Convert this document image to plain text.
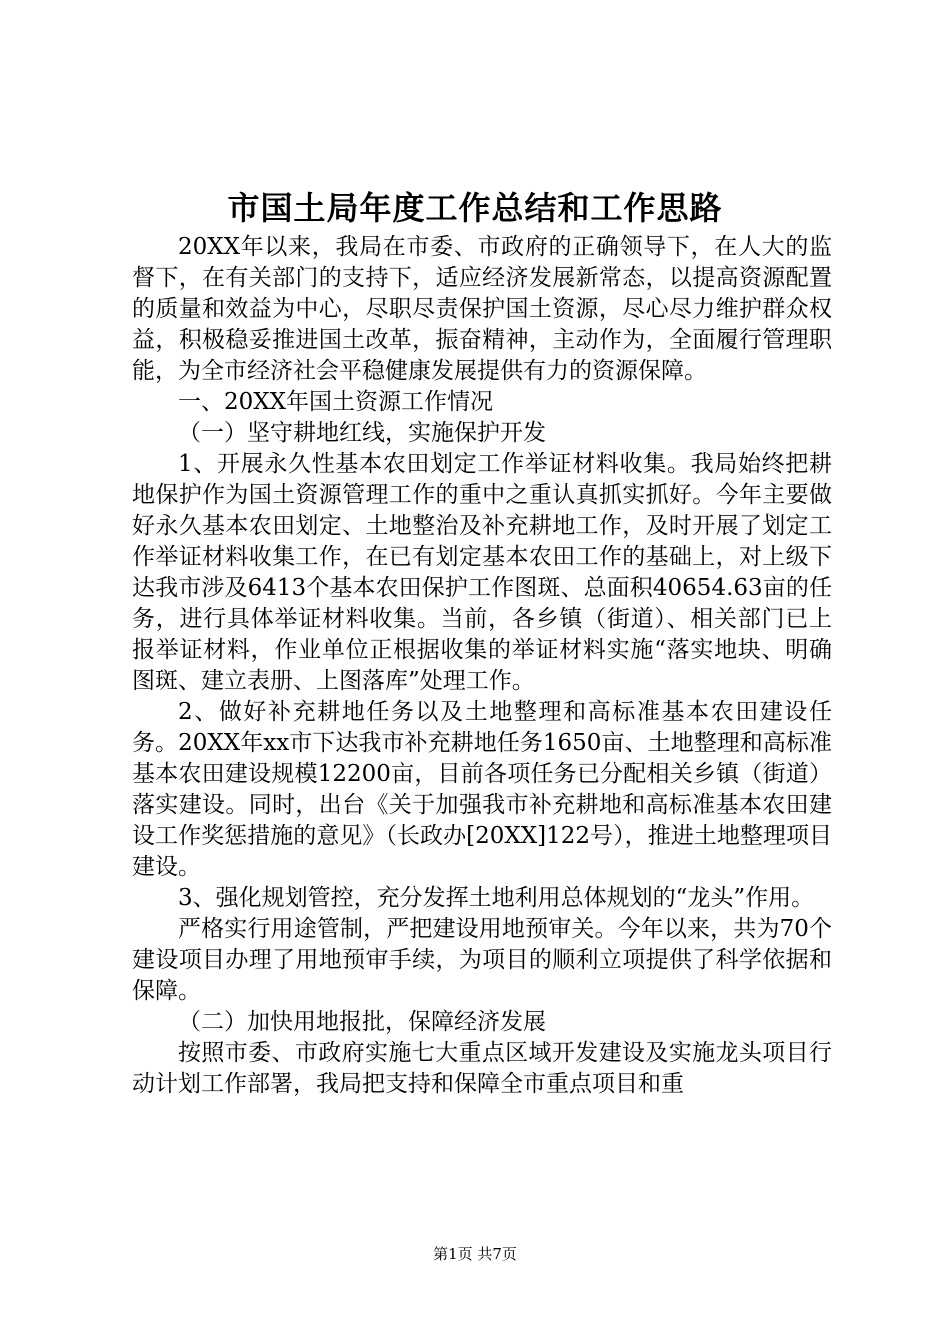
市国土局年度工作总结和工作思路

20XX年以来，我局在市委、市政府的正确领导下，在人大的监督下，在有关部门的支持下，适应经济发展新常态，以提高资源配置的质量和效益为中心，尽职尽责保护国土资源，尽心尽力维护群众权益，积极稳妥推进国土改革，振奋精神，主动作为，全面履行管理职能，为全市经济社会平稳健康发展提供有力的资源保障。

一、20XX年国土资源工作情况

（一）坚守耕地红线，实施保护开发

1、开展永久性基本农田划定工作举证材料收集。我局始终把耕地保护作为国土资源管理工作的重中之重认真抓实抓好。今年主要做好永久基本农田划定、土地整治及补充耕地工作，及时开展了划定工作举证材料收集工作，在已有划定基本农田工作的基础上，对上级下达我市涉及6413个基本农田保护工作图斑、总面积40654.63亩的任务，进行具体举证材料收集。当前，各乡镇（街道）、相关部门已上报举证材料，作业单位正根据收集的举证材料实施“落实地块、明确图斑、建立表册、上图落库”处理工作。

2、做好补充耕地任务以及土地整理和高标准基本农田建设任务。20XX年xx市下达我市补充耕地任务1650亩、土地整理和高标准基本农田建设规模12200亩，目前各项任务已分配相关乡镇（街道）落实建设。同时，出台《关于加强我市补充耕地和高标准基本农田建设工作奖惩措施的意见》（长政办[20XX]122号），推进土地整理项目建设。

3、强化规划管控，充分发挥土地利用总体规划的“龙头”作用。

严格实行用途管制，严把建设用地预审关。今年以来，共为70个建设项目办理了用地预审手续，为项目的顺利立项提供了科学依据和保障。

（二）加快用地报批，保障经济发展

按照市委、市政府实施七大重点区域开发建设及实施龙头项目行动计划工作部署，我局把支持和保障全市重点项目和重

第1页 共7页
